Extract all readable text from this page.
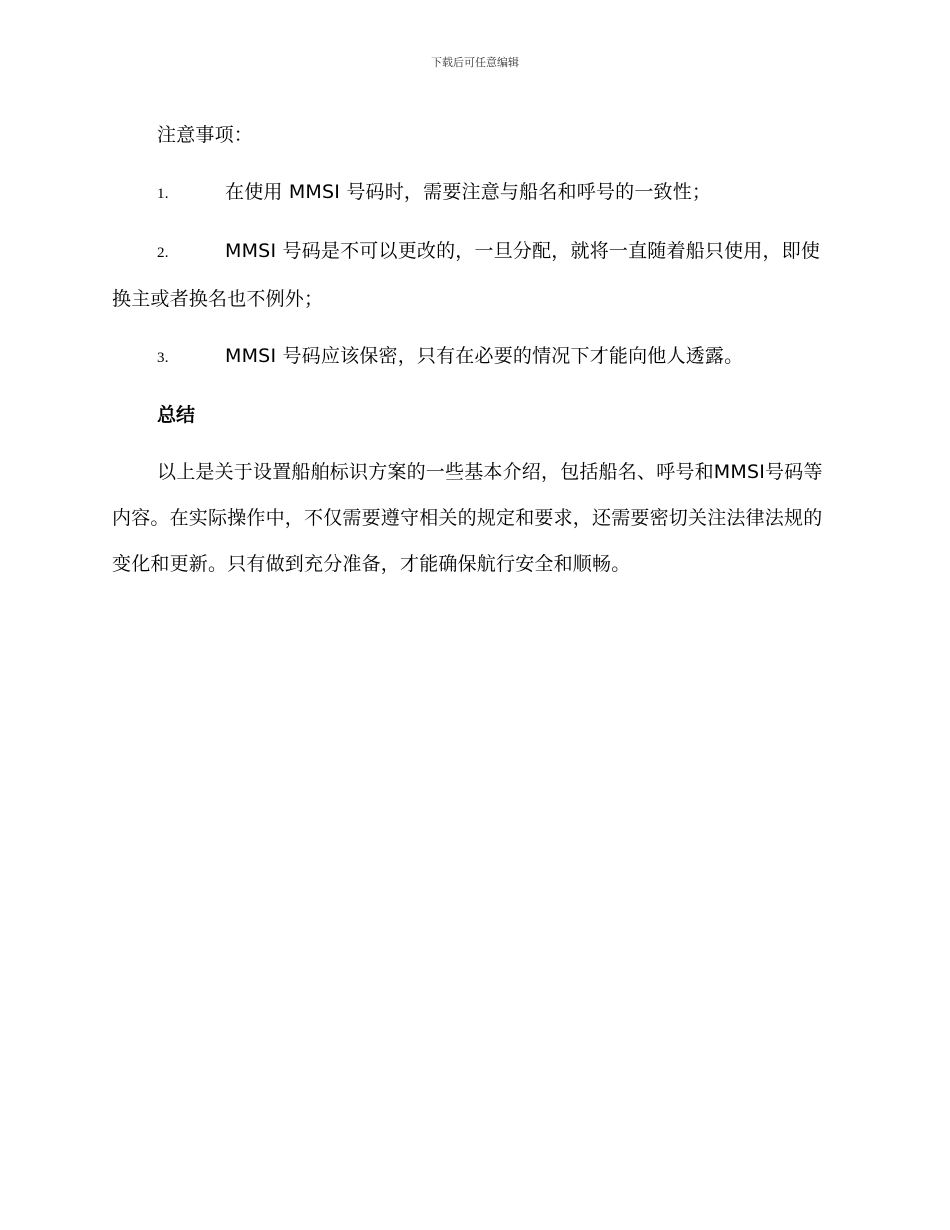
下载后可任意编辑

注意事项：

1.	在使用 MMSI 号码时，需要注意与船名和呼号的一致性；

2.	MMSI 号码是不可以更改的，一旦分配，就将一直随着船只使用，即使换主或者换名也不例外；

3.	MMSI 号码应该保密，只有在必要的情况下才能向他人透露。

总结

以上是关于设置船舶标识方案的一些基本介绍，包括船名、呼号和MMSI号码等内容。在实际操作中，不仅需要遵守相关的规定和要求，还需要密切关注法律法规的变化和更新。只有做到充分准备，才能确保航行安全和顺畅。
